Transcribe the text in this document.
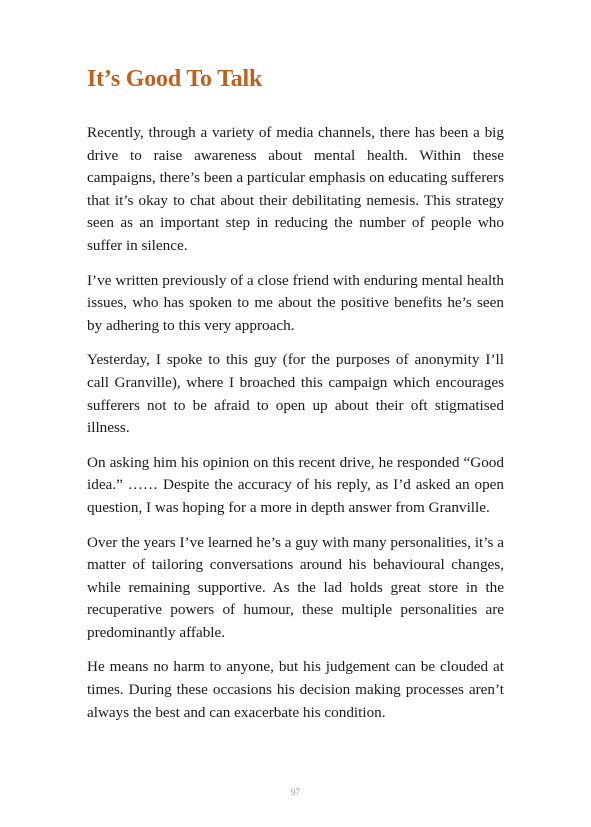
It’s Good To Talk

Recently, through a variety of media channels, there has been a big drive to raise awareness about mental health. Within these campaigns, there’s been a particular emphasis on educating sufferers that it’s okay to chat about their debilitating nemesis. This strategy seen as an important step in reducing the number of people who suffer in silence.

I’ve written previously of a close friend with enduring mental health issues, who has spoken to me about the positive benefits he’s seen by adhering to this very approach.

Yesterday, I spoke to this guy (for the purposes of anonymity I’ll call Granville), where I broached this campaign which encourages sufferers not to be afraid to open up about their oft stigmatised illness.

On asking him his opinion on this recent drive, he responded “Good idea.” …… Despite the accuracy of his reply, as I’d asked an open question, I was hoping for a more in depth answer from Granville.

Over the years I’ve learned he’s a guy with many personalities, it’s a matter of tailoring conversations around his behavioural changes, while remaining supportive. As the lad holds great store in the recuperative powers of humour, these multiple personalities are predominantly affable.

He means no harm to anyone, but his judgement can be clouded at times. During these occasions his decision making processes aren’t always the best and can exacerbate his condition.

97
